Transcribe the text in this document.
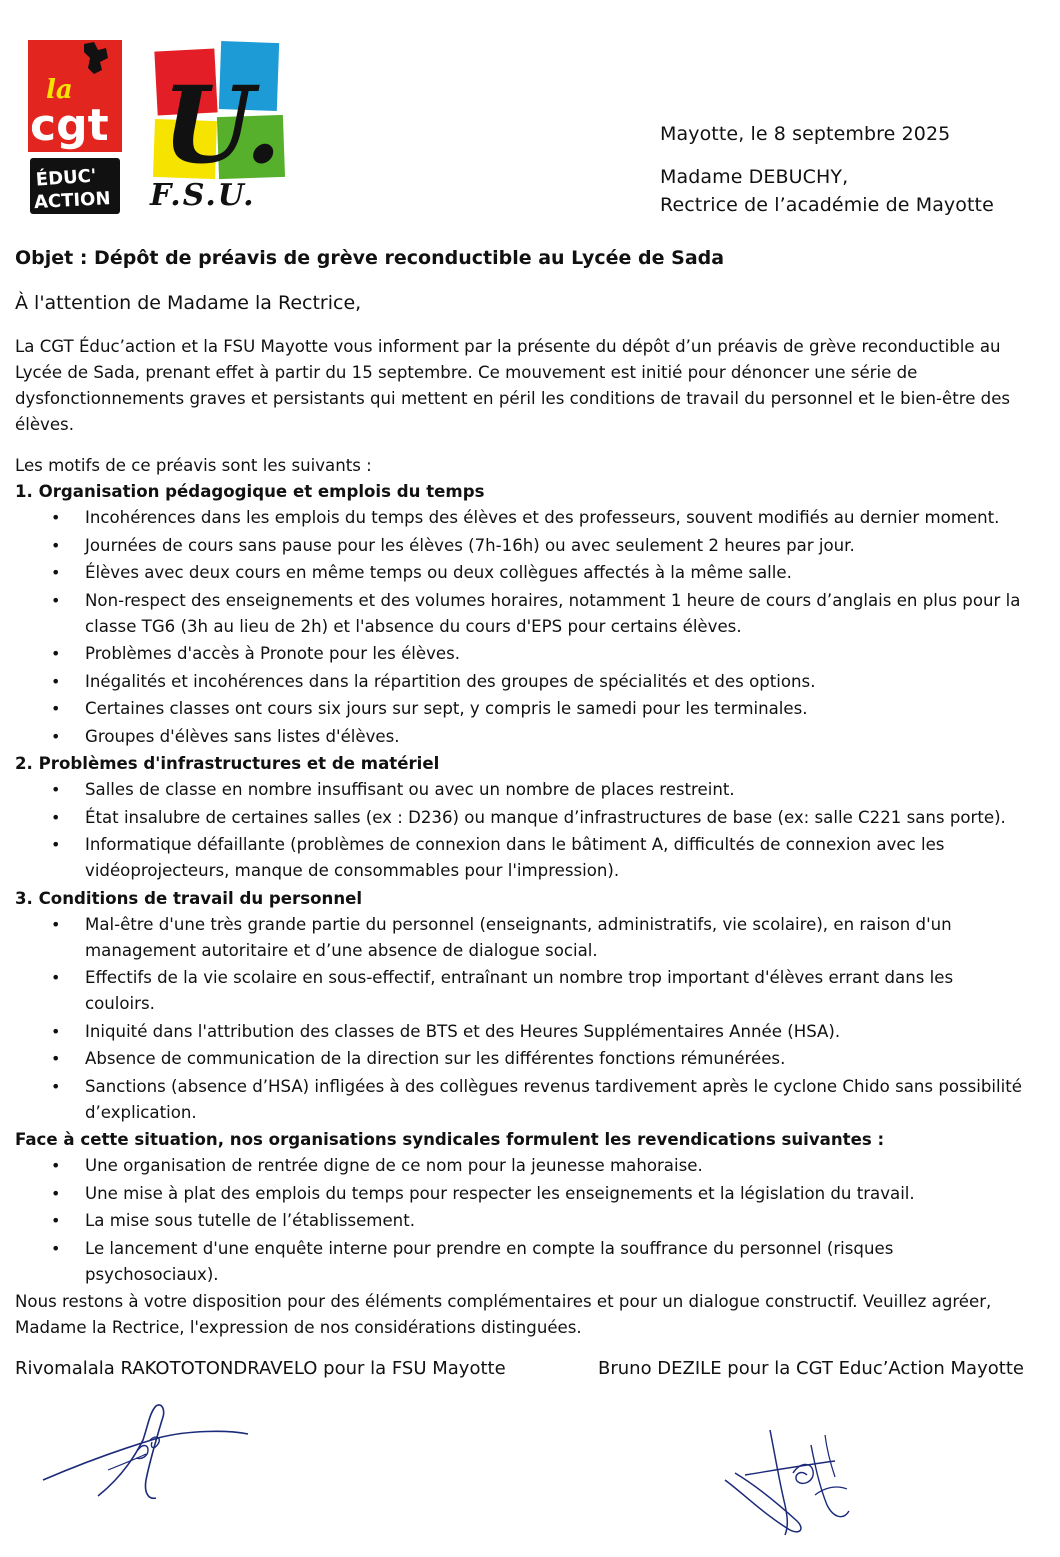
la
cgt
ÉDUC'
ACTION
U.
F.S.U.
Mayotte, le 8 septembre 2025
Madame DEBUCHY,
Rectrice de l’académie de Mayotte
Objet : Dépôt de préavis de grève reconductible au Lycée de Sada
À l'attention de Madame la Rectrice,
La CGT Éduc’action et la FSU Mayotte vous informent par la présente du dépôt d’un préavis de grève reconductible au Lycée de Sada, prenant effet à partir du 15 septembre. Ce mouvement est initié pour dénoncer une série de dysfonctionnements graves et persistants qui mettent en péril les conditions de travail du personnel et le bien-être des élèves.
Les motifs de ce préavis sont les suivants :
1. Organisation pédagogique et emplois du temps
• Incohérences dans les emplois du temps des élèves et des professeurs, souvent modifiés au dernier moment.
• Journées de cours sans pause pour les élèves (7h-16h) ou avec seulement 2 heures par jour.
• Élèves avec deux cours en même temps ou deux collègues affectés à la même salle.
• Non-respect des enseignements et des volumes horaires, notamment 1 heure de cours d’anglais en plus pour la classe TG6 (3h au lieu de 2h) et l'absence du cours d'EPS pour certains élèves.
• Problèmes d'accès à Pronote pour les élèves.
• Inégalités et incohérences dans la répartition des groupes de spécialités et des options.
• Certaines classes ont cours six jours sur sept, y compris le samedi pour les terminales.
• Groupes d'élèves sans listes d'élèves.
2. Problèmes d'infrastructures et de matériel
• Salles de classe en nombre insuffisant ou avec un nombre de places restreint.
• État insalubre de certaines salles (ex : D236) ou manque d’infrastructures de base (ex: salle C221 sans porte).
• Informatique défaillante (problèmes de connexion dans le bâtiment A, difficultés de connexion avec les vidéoprojecteurs, manque de consommables pour l'impression).
3. Conditions de travail du personnel
• Mal-être d'une très grande partie du personnel (enseignants, administratifs, vie scolaire), en raison d'un management autoritaire et d’une absence de dialogue social.
• Effectifs de la vie scolaire en sous-effectif, entraînant un nombre trop important d'élèves errant dans les couloirs.
• Iniquité dans l'attribution des classes de BTS et des Heures Supplémentaires Année (HSA).
• Absence de communication de la direction sur les différentes fonctions rémunérées.
• Sanctions (absence d’HSA) infligées à des collègues revenus tardivement après le cyclone Chido sans possibilité d’explication.
Face à cette situation, nos organisations syndicales formulent les revendications suivantes :
• Une organisation de rentrée digne de ce nom pour la jeunesse mahoraise.
• Une mise à plat des emplois du temps pour respecter les enseignements et la législation du travail.
• La mise sous tutelle de l’établissement.
• Le lancement d'une enquête interne pour prendre en compte la souffrance du personnel (risques psychosociaux).
Nous restons à votre disposition pour des éléments complémentaires et pour un dialogue constructif. Veuillez agréer, Madame la Rectrice, l'expression de nos considérations distinguées.
Rivomalala RAKOTOTONDRAVELO pour la FSU Mayotte	Bruno DEZILE pour la CGT Educ’Action Mayotte
